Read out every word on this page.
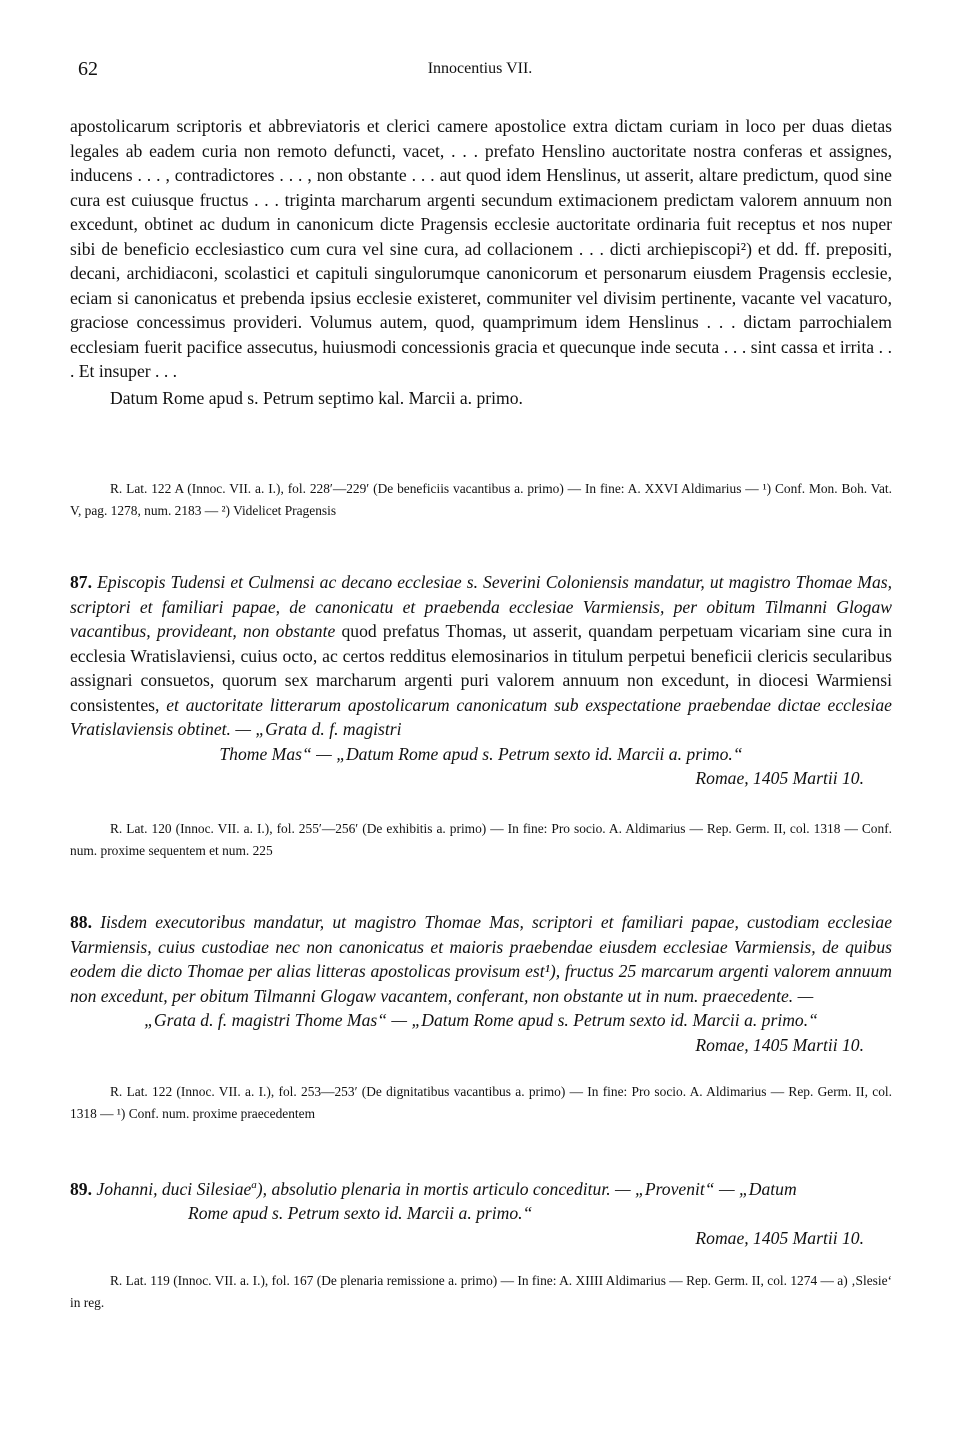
62	Innocentius VII.

apostolicarum scriptoris et abbreviatoris et clerici camere apostolice extra dictam curiam in loco per duas dietas legales ab eadem curia non remoto defuncti, vacet, . . . prefato Henslino auctoritate nostra conferas et assignes, inducens . . . , contradictores . . . , non obstante . . . aut quod idem Henslinus, ut asserit, altare predictum, quod sine cura est cuiusque fructus . . . triginta marcharum argenti secundum extimacionem predictam valorem annuum non excedunt, obtinet ac dudum in canonicum dicte Pragensis ecclesie auctoritate ordinaria fuit receptus et nos nuper sibi de beneficio ecclesiastico cum cura vel sine cura, ad collacionem . . . dicti archiepiscopi²) et dd. ff. prepositi, decani, archidiaconi, scolastici et capituli singulorumque canonicorum et personarum eiusdem Pragensis ecclesie, eciam si canonicatus et prebenda ipsius ecclesie existeret, communiter vel divisim pertinente, vacante vel vacaturo, graciose concessimus provideri. Volumus autem, quod, quamprimum idem Henslinus . . . dictam parrochialem ecclesiam fuerit pacifice assecutus, huiusmodi concessionis gracia et quecunque inde secuta . . . sint cassa et irrita . . . Et insuper . . .

Datum Rome apud s. Petrum septimo kal. Marcii a. primo.

R. Lat. 122 A (Innoc. VII. a. I.), fol. 228′—229′ (De beneficiis vacantibus a. primo) — In fine: A. XXVI Aldimarius — ¹) Conf. Mon. Boh. Vat. V, pag. 1278, num. 2183 — ²) Videlicet Pragensis

87. Episcopis Tudensi et Culmensi ac decano ecclesiae s. Severini Coloniensis mandatur, ut magistro Thomae Mas, scriptori et familiari papae, de canonicatu et praebenda ecclesiae Varmiensis, per obitum Tilmanni Glogaw vacantibus, provideant, non obstante quod prefatus Thomas, ut asserit, quandam perpetuam vicariam sine cura in ecclesia Wratislaviensi, cuius octo, ac certos redditus elemosinarios in titulum perpetui beneficii clericis secularibus assignari consuetos, quorum sex marcharum argenti puri valorem annuum non excedunt, in diocesi Warmiensi consistentes, et auctoritate litterarum apostolicarum canonicatum sub exspectatione praebendae dictae ecclesiae Vratislaviensis obtinet. — „Grata d. f. magistri

Thome Mas“ — „Datum Rome apud s. Petrum sexto id. Marcii a. primo.“

Romae, 1405 Martii 10.

R. Lat. 120 (Innoc. VII. a. I.), fol. 255′—256′ (De exhibitis a. primo) — In fine: Pro socio. A. Aldimarius — Rep. Germ. II, col. 1318 — Conf. num. proxime sequentem et num. 225

88. Iisdem executoribus mandatur, ut magistro Thomae Mas, scriptori et familiari papae, custodiam ecclesiae Varmiensis, cuius custodiae nec non canonicatus et maioris praebendae eiusdem ecclesiae Varmiensis, de quibus eodem die dicto Thomae per alias litteras apostolicas provisum est¹), fructus 25 marcarum argenti valorem annuum non excedunt, per obitum Tilmanni Glogaw vacantem, conferant, non obstante ut in num. praecedente. —

„Grata d. f. magistri Thome Mas“ — „Datum Rome apud s. Petrum sexto id. Marcii a. primo.“

Romae, 1405 Martii 10.

R. Lat. 122 (Innoc. VII. a. I.), fol. 253—253′ (De dignitatibus vacantibus a. primo) — In fine: Pro socio. A. Aldimarius — Rep. Germ. II, col. 1318 — ¹) Conf. num. proxime praecedentem

89. Johanni, duci Silesiae$^a$), absolutio plenaria in mortis articulo conceditur. — „Provenit“ — „Datum

Rome apud s. Petrum sexto id. Marcii a. primo.“

Romae, 1405 Martii 10.

R. Lat. 119 (Innoc. VII. a. I.), fol. 167 (De plenaria remissione a. primo) — In fine: A. XIIII Aldimarius — Rep. Germ. II, col. 1274 — a) ‚Slesie‘ in reg.
